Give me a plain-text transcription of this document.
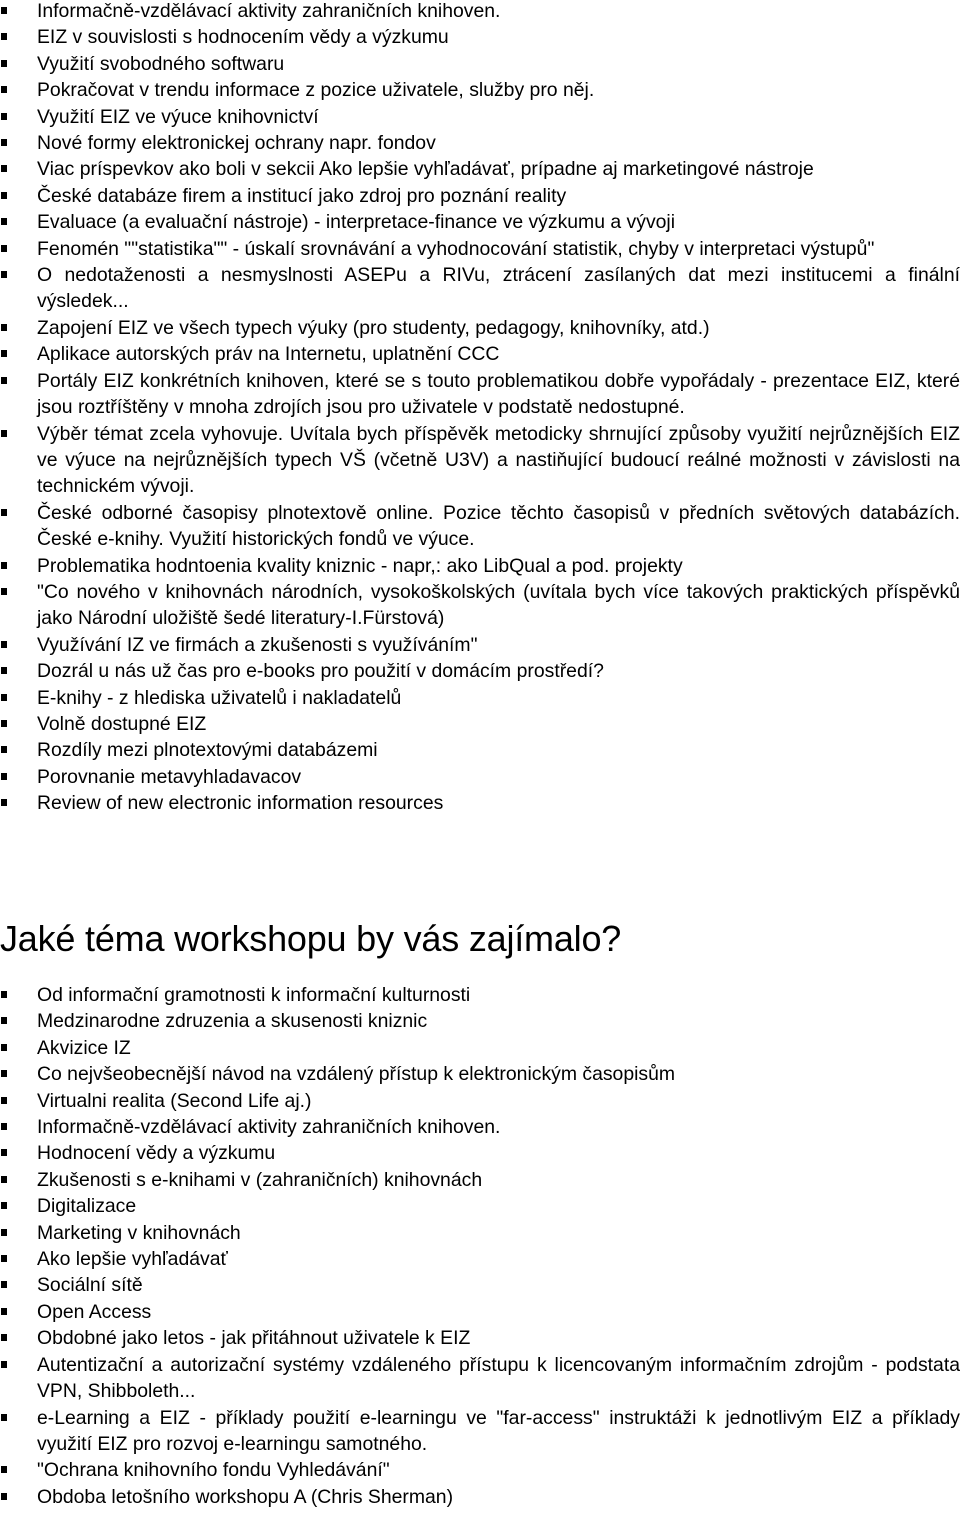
Informačně-vzdělávací aktivity zahraničních knihoven.
EIZ v souvislosti s hodnocením vědy a výzkumu
Využití svobodného softwaru
Pokračovat v trendu informace z pozice uživatele, služby pro něj.
Využití EIZ ve výuce knihovnictví
Nové formy elektronickej ochrany napr. fondov
Viac príspevkov ako boli v sekcii Ako lepšie vyhľadávať, prípadne aj marketingové nástroje
České databáze firem a institucí jako zdroj pro poznání reality
Evaluace (a evaluační nástroje) - interpretace-finance ve výzkumu a vývoji
Fenomén ""statistika"" - úskalí srovnávání a vyhodnocování statistik, chyby v interpretaci výstupů"
O nedotaženosti a nesmyslnosti ASEPu a RIVu, ztrácení zasílaných dat mezi institucemi a finální výsledek...
Zapojení EIZ ve všech typech výuky (pro studenty, pedagogy, knihovníky, atd.)
Aplikace autorských práv na Internetu, uplatnění CCC
Portály EIZ konkrétních knihoven, které se s touto problematikou dobře vypořádaly - prezentace EIZ, které jsou roztříštěny v mnoha zdrojích jsou pro uživatele v podstatě nedostupné.
Výběr témat zcela vyhovuje. Uvítala bych příspěvěk metodicky shrnující způsoby využití nejrůznějších EIZ ve výuce na nejrůznějších typech VŠ (včetně U3V) a nastiňující budoucí reálné možnosti v závislosti na technickém vývoji.
České odborné časopisy plnotextově online. Pozice těchto časopisů v předních světových databázích. České e-knihy. Využití historických fondů ve výuce.
Problematika hodntoenia kvality kniznic - napr,: ako LibQual a pod. projekty
"Co nového v knihovnách národních, vysokoškolských (uvítala bych více takových praktických příspěvků jako Národní uložiště šedé literatury-I.Fürstová)
Využívání IZ ve firmách a zkušenosti s využíváním"
Dozrál u nás už čas pro e-books pro použití v domácím prostředí?
E-knihy - z hlediska uživatelů i nakladatelů
Volně dostupné EIZ
Rozdíly mezi plnotextovými databázemi
Porovnanie metavyhladavacov
Review of new electronic information resources
Jaké téma workshopu by vás zajímalo?
Od informační gramotnosti k informační kulturnosti
Medzinarodne zdruzenia a skusenosti kniznic
Akvizice IZ
Co nejvšeobecnější návod na vzdálený přístup k elektronickým časopisům
Virtualni realita (Second Life aj.)
Informačně-vzdělávací aktivity zahraničních knihoven.
Hodnocení vědy a výzkumu
Zkušenosti s e-knihami v (zahraničních) knihovnách
Digitalizace
Marketing v knihovnách
Ako lepšie vyhľadávať
Sociální sítě
Open Access
Obdobné jako letos - jak přitáhnout uživatele k EIZ
Autentizační a autorizační systémy vzdáleného přístupu k licencovaným informačním zdrojům - podstata VPN, Shibboleth...
e-Learning a EIZ - příklady použití e-learningu ve "far-access" instruktáži k jednotlivým EIZ a příklady využití EIZ pro rozvoj e-learningu samotného.
"Ochrana knihovního fondu Vyhledávání"
Obdoba letošního workshopu A (Chris Sherman)
